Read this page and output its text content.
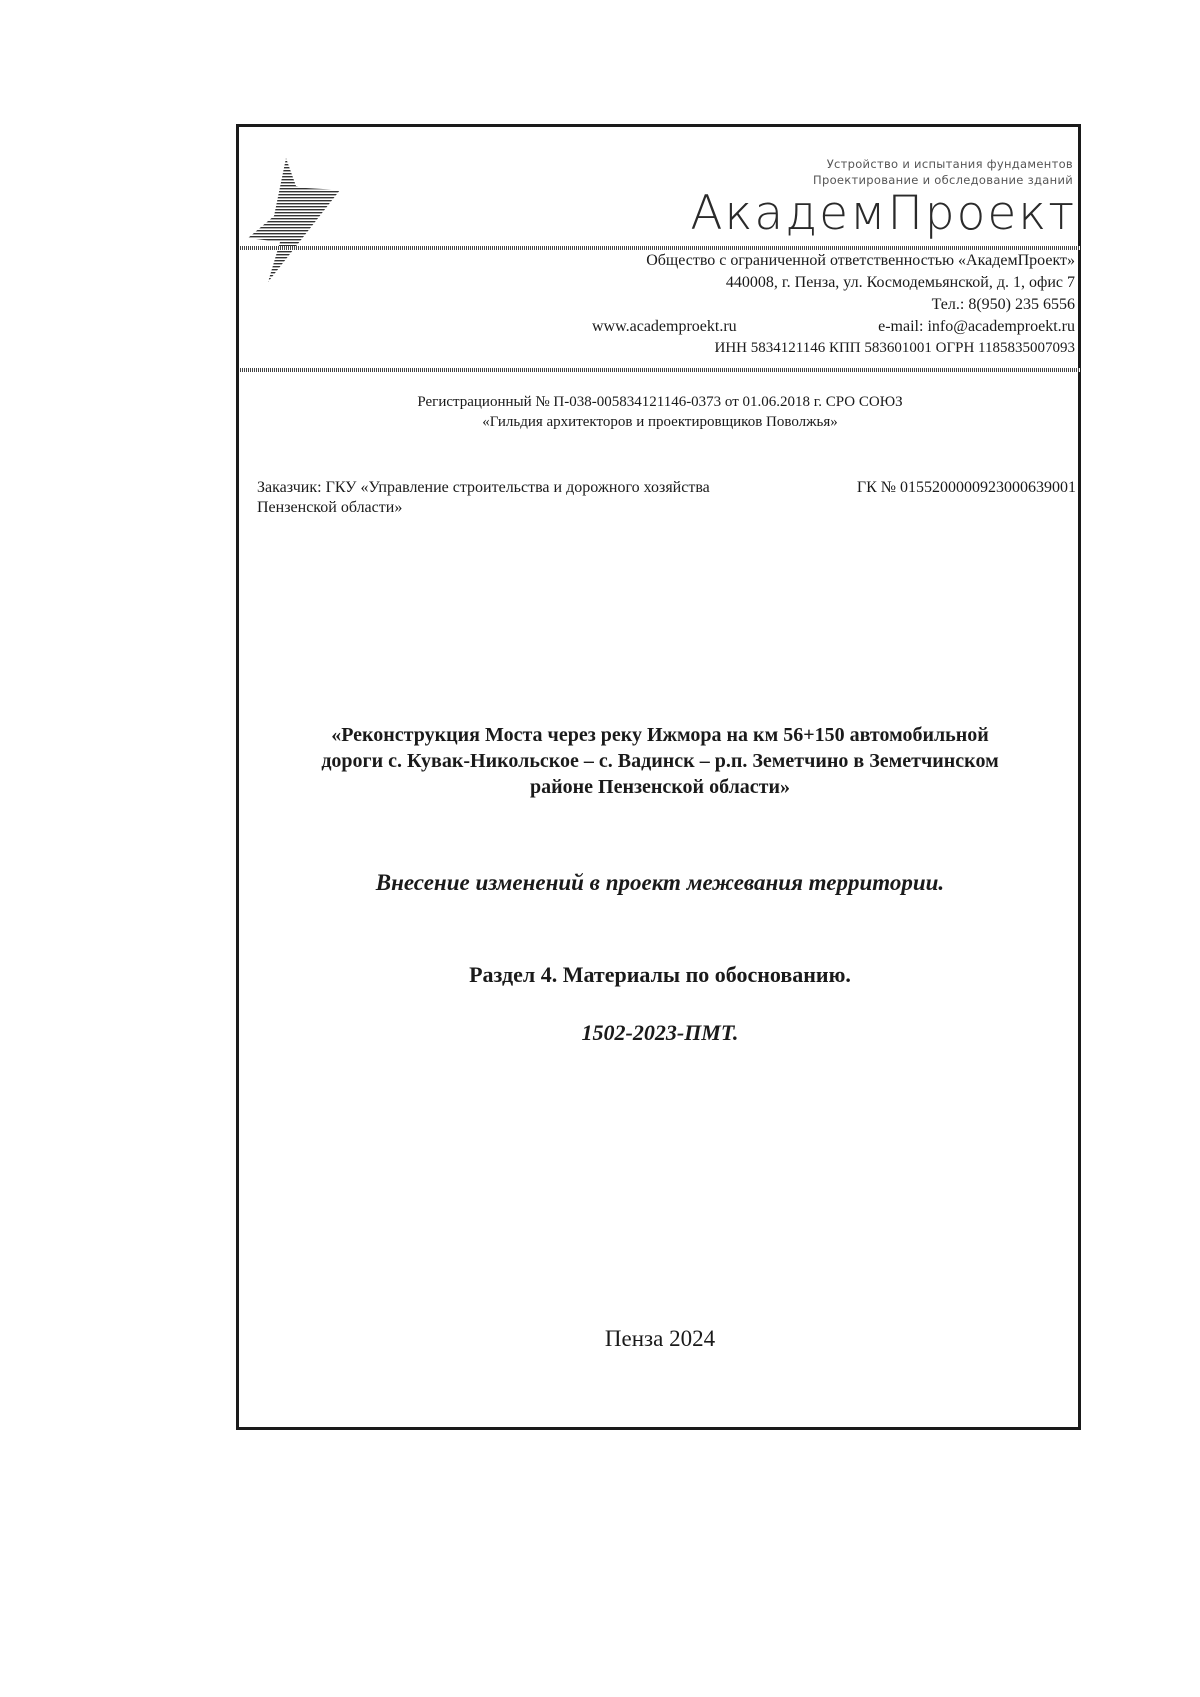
Устройство и испытания фундаментов
Проектирование и обследование зданий
АкадемПроект
Общество с ограниченной ответственностью «АкадемПроект»
440008, г. Пенза, ул. Космодемьянской, д. 1, офис 7
Тел.: 8(950) 235 6556
www.academproekt.ru	e-mail: info@academproekt.ru
ИНН 5834121146 КПП 583601001 ОГРН 1185835007093
Регистрационный № П-038-005834121146-0373 от 01.06.2018 г. СРО СОЮЗ
«Гильдия архитекторов и проектировщиков Поволжья»
Заказчик: ГКУ «Управление строительства и дорожного хозяйства Пензенской области»
ГК № 0155200000923000639001
«Реконструкция Моста через реку Ижмора на км 56+150 автомобильной
дороги с. Кувак-Никольское – с. Вадинск – р.п. Земетчино в Земетчинском
районе Пензенской области»
Внесение изменений в проект межевания территории.
Раздел 4. Материалы по обоснованию.
1502-2023-ПМТ.
Пенза 2024
